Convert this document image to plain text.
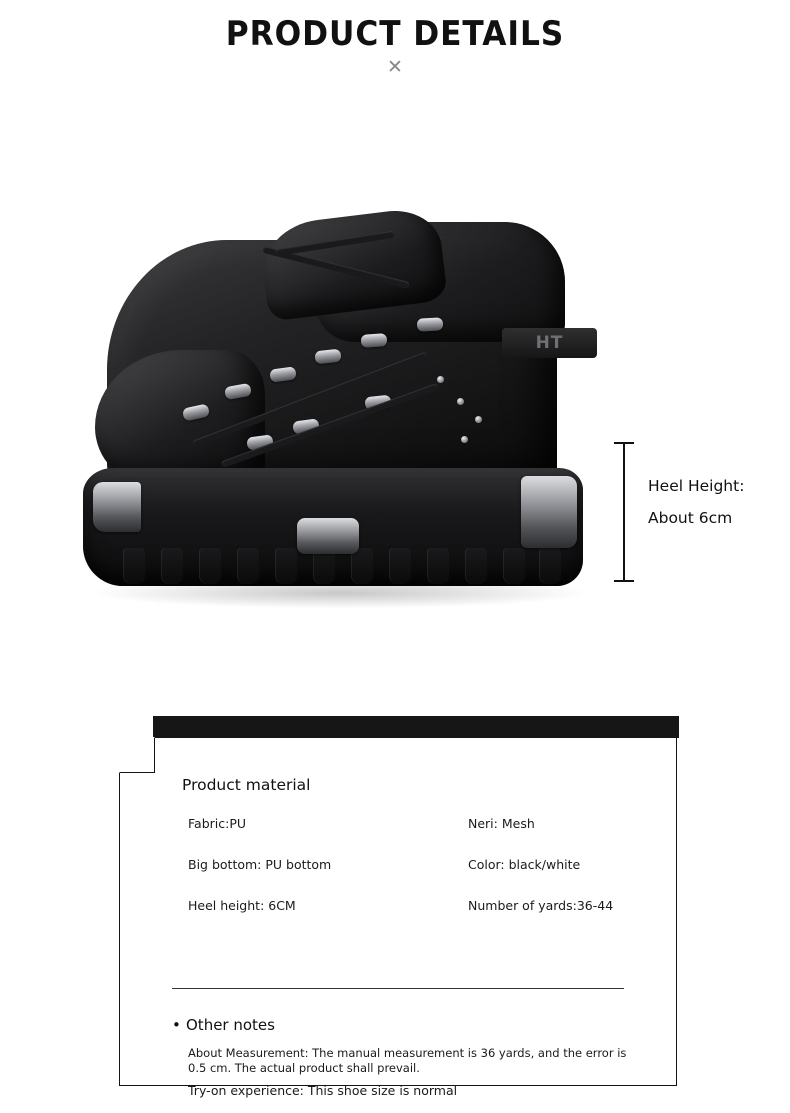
PRODUCT DETAILS
✕
HT
Heel Height:
About 6cm
Product material
Fabric:PU
Big bottom: PU bottom
Heel height: 6CM
Neri: Mesh
Color: black/white
Number of yards:36-44
• Other notes
About Measurement: The manual measurement is 36 yards, and the error is 0.5 cm. The actual product shall prevail.
Try-on experience: This shoe size is normal
